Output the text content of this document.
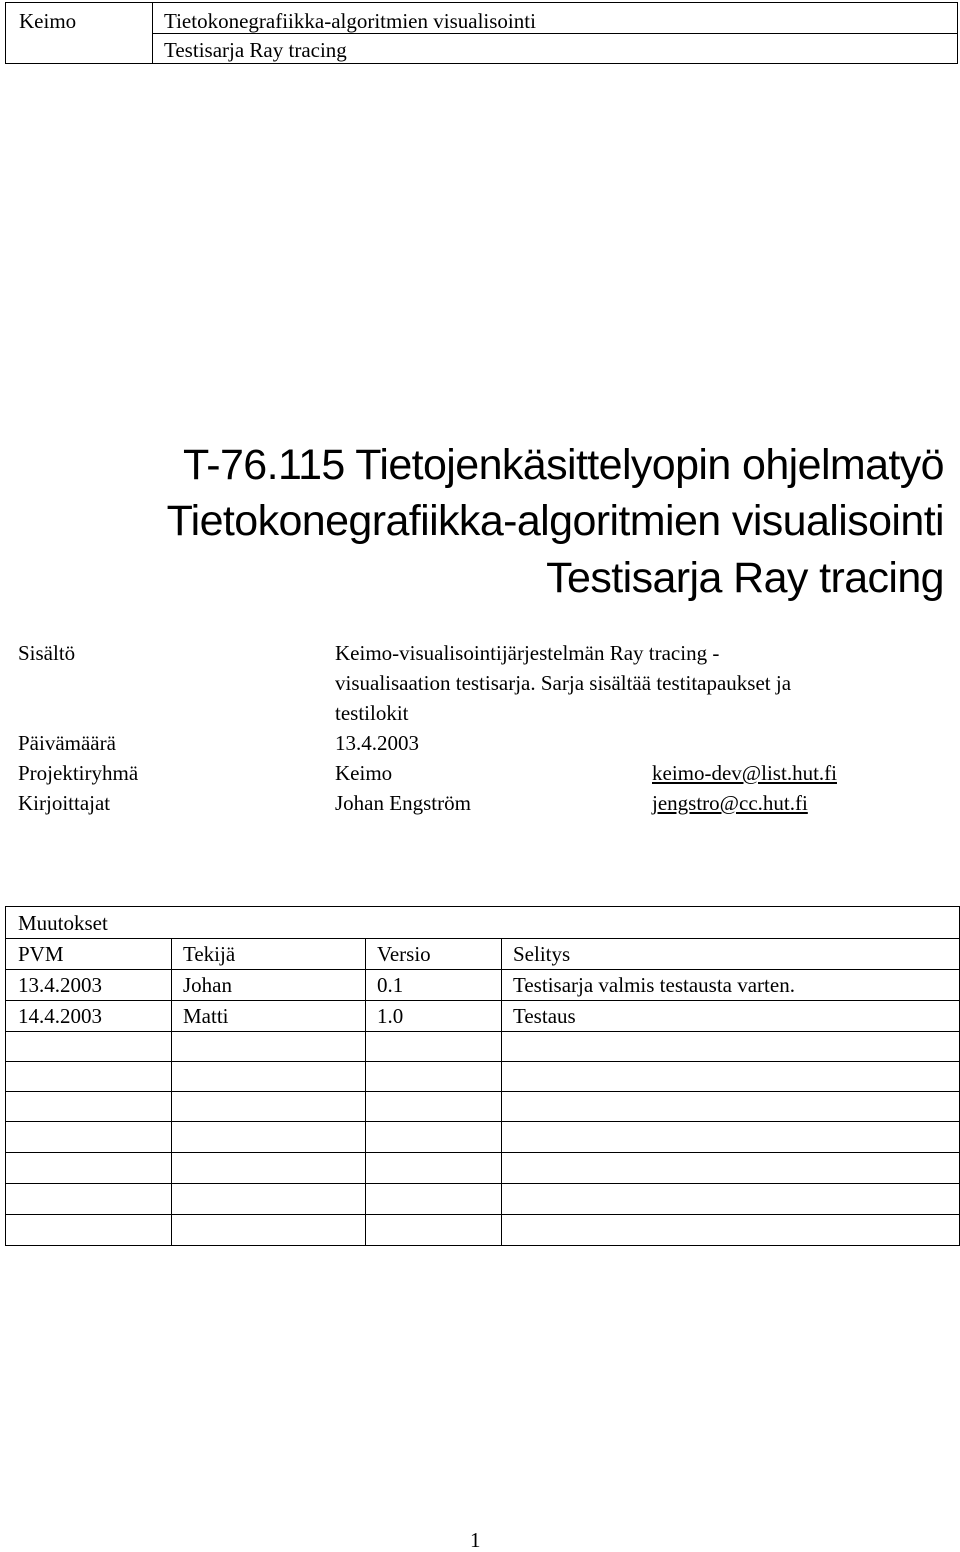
Keimo	Tietokonegrafiikka-algoritmien visualisointi
Testisarja Ray tracing
T-76.115 Tietojenkäsittelyopin ohjelmatyö
Tietokonegrafiikka-algoritmien visualisointi
Testisarja Ray tracing
Sisältö	Keimo-visualisointijärjestelmän Ray tracing -
visualisaation testisarja. Sarja sisältää testitapaukset ja
testilokit
Päivämäärä	13.4.2003
Projektiryhmä	Keimo	keimo-dev@list.hut.fi
Kirjoittajat	Johan Engström	jengstro@cc.hut.fi
Muutokset
PVM	Tekijä	Versio	Selitys
13.4.2003	Johan	0.1	Testisarja valmis testausta varten.
14.4.2003	Matti	1.0	Testaus
1
